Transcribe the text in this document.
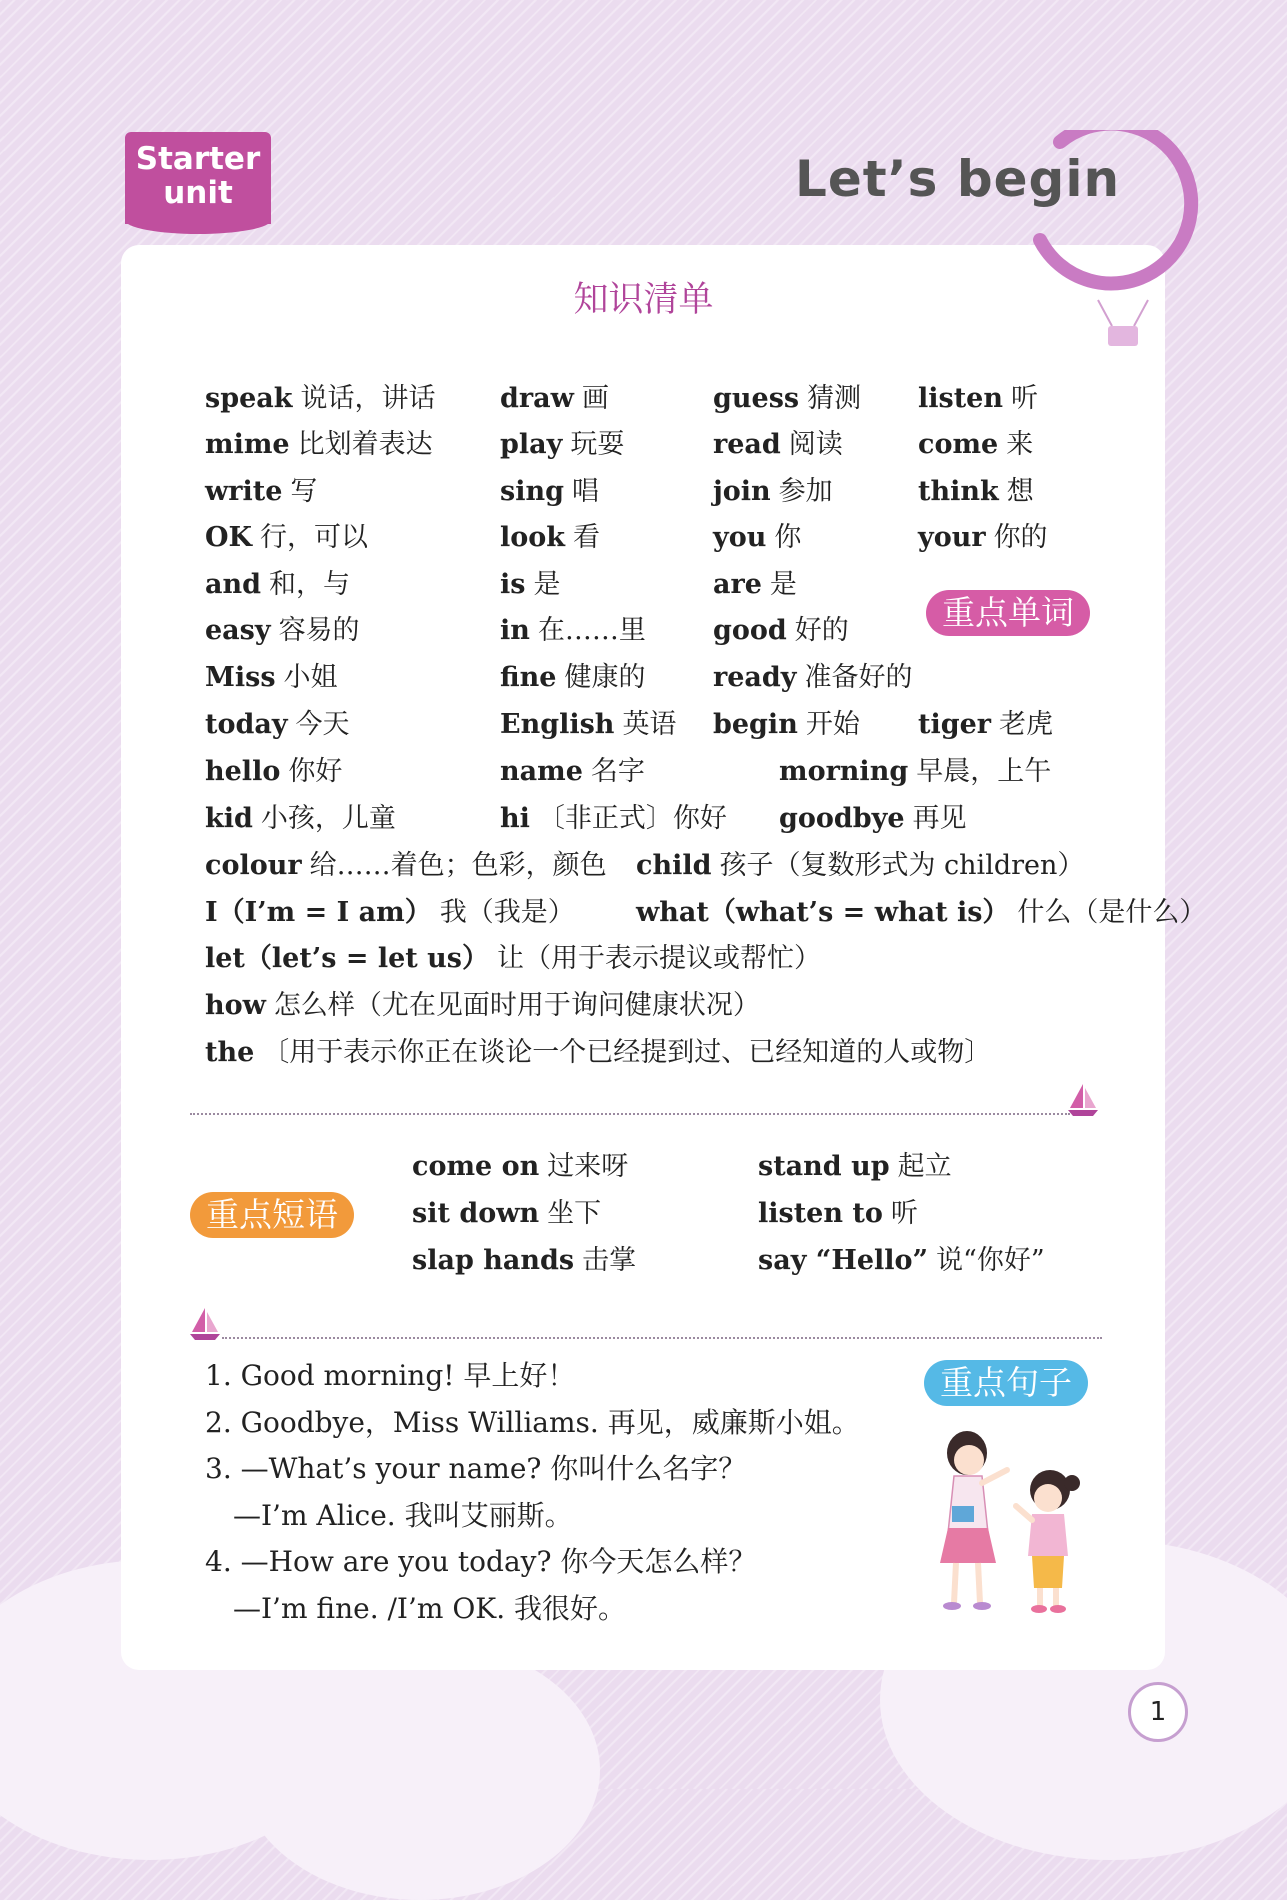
Starter
unit	Let’s begin
知识清单
speak 说话，讲话 draw 画	guess 猜测 listen 听
mime 比划着表达 play 玩耍	read 阅读	come 来
write 写	sing 唱	join 参加	think 想
OK 行，可以	look 看	you 你	your 你的
and 和，与	is 是	are 是
重点单词
easy 容易的	in 在……里 good 好的
Miss 小姐	fine 健康的	ready 准备好的
today 今天	English 英语 begin 开始 tiger 老虎
hello 你好	name 名字	morning 早晨，上午
kid 小孩，儿童	hi 〔非正式〕你好 goodbye 再见
colour 给……着色；色彩，颜色 child 孩子（复数形式为 children）
I（I’m = I am） 我（我是） what（what’s = what is） 什么（是什么）
let（let’s = let us） 让（用于表示提议或帮忙）
how 怎么样（尤在见面时用于询问健康状况）
the 〔用于表示你正在谈论一个已经提到过、已经知道的人或物〕
重点短语
come on 过来呀	stand up 起立
sit down 坐下	listen to 听
slap hands 击掌	say “Hello” 说“你好”
重点句子
1. Good morning! 早上好！
2. Goodbye，Miss Williams. 再见，威廉斯小姐。
3. —What’s your name? 你叫什么名字？
—I’m Alice. 我叫艾丽斯。
4. —How are you today? 你今天怎么样？
—I’m fine. /I’m OK. 我很好。
1
